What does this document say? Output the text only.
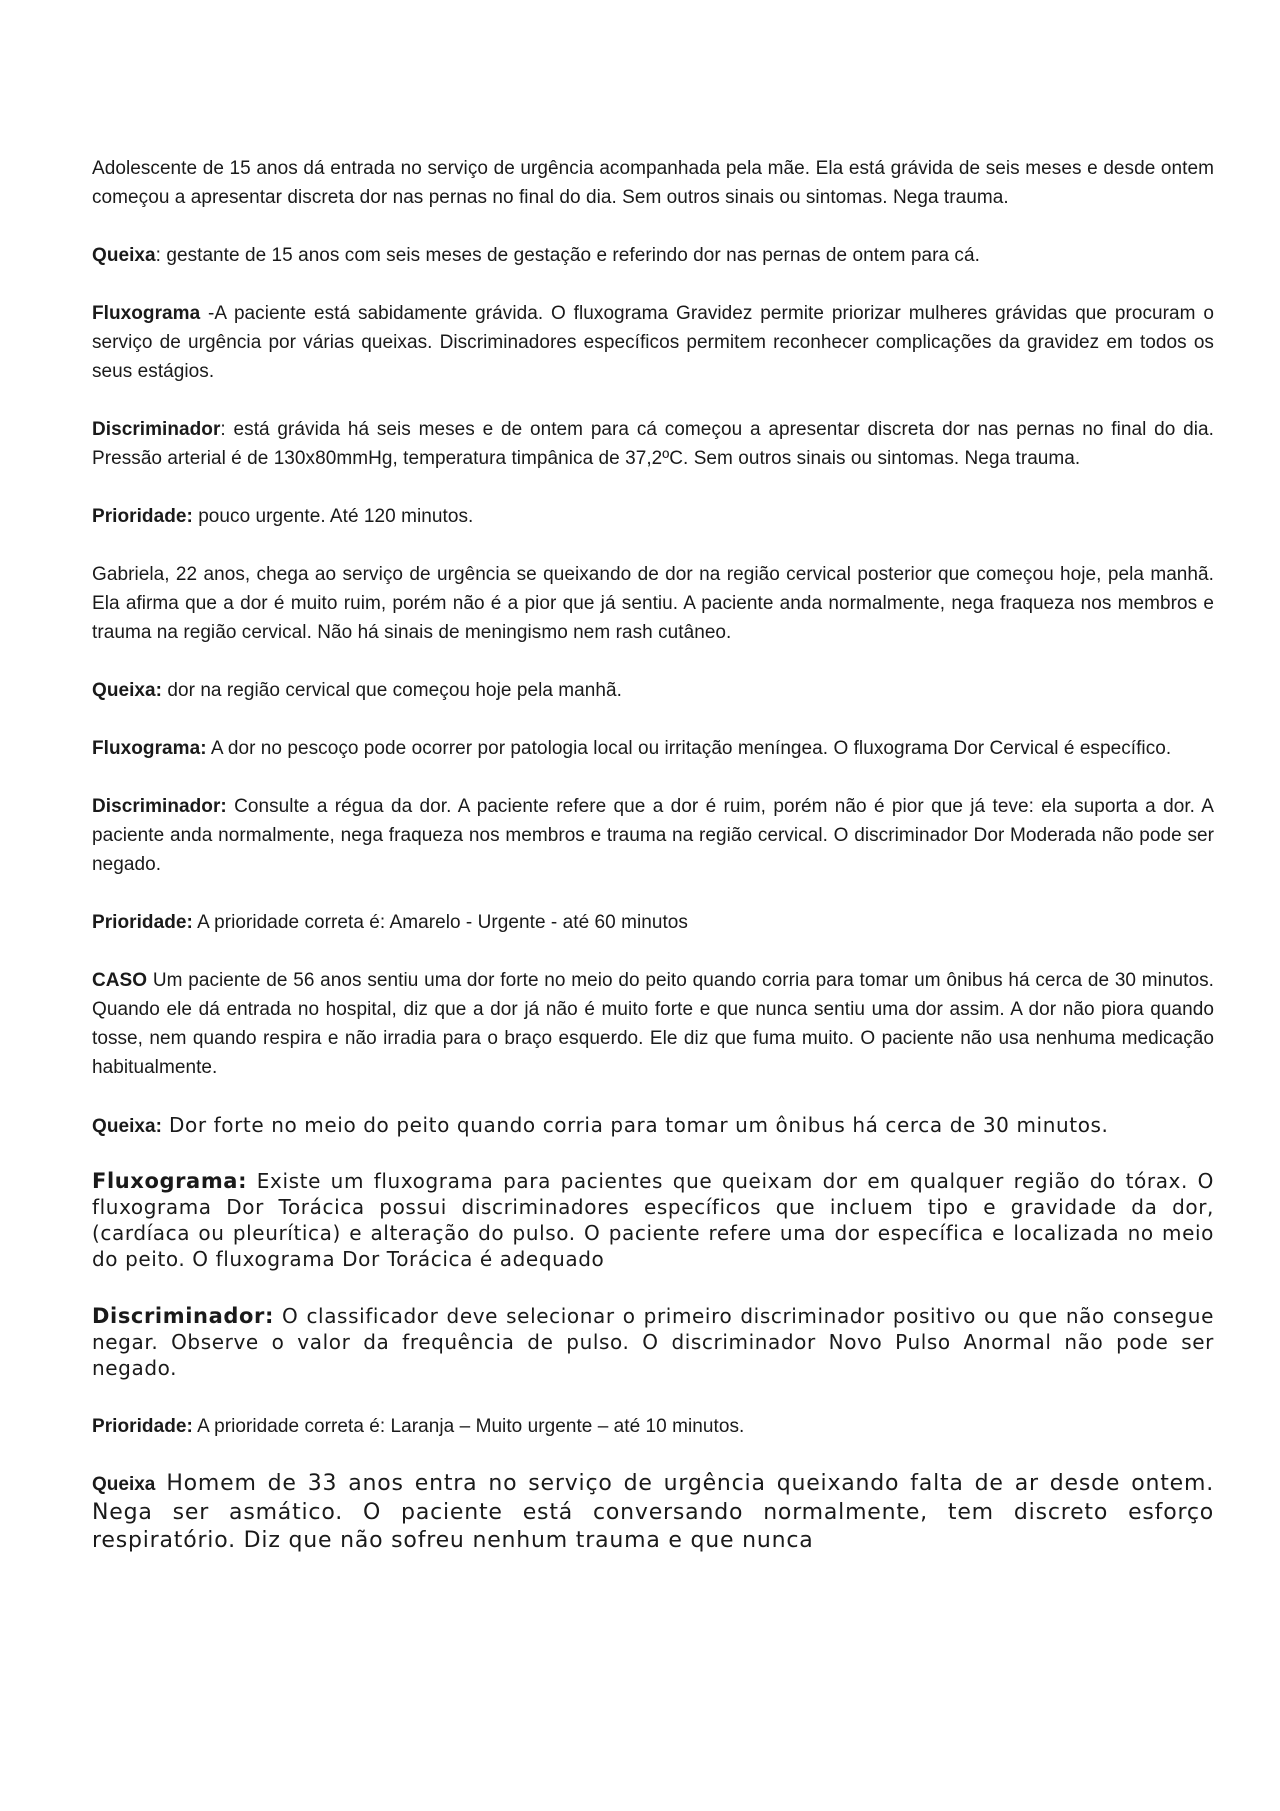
Adolescente de 15 anos dá entrada no serviço de urgência acompanhada pela mãe. Ela está grávida de seis meses e desde ontem começou a apresentar discreta dor nas pernas no final do dia. Sem outros sinais ou sintomas. Nega trauma.

Queixa: gestante de 15 anos com seis meses de gestação e referindo dor nas pernas de ontem para cá.

Fluxograma -A paciente está sabidamente grávida. O fluxograma Gravidez permite priorizar mulheres grávidas que procuram o serviço de urgência por várias queixas. Discriminadores específicos permitem reconhecer complicações da gravidez em todos os seus estágios.

Discriminador: está grávida há seis meses e de ontem para cá começou a apresentar discreta dor nas pernas no final do dia. Pressão arterial é de 130x80mmHg, temperatura timpânica de 37,2ºC. Sem outros sinais ou sintomas. Nega trauma.

Prioridade: pouco urgente. Até 120 minutos.

Gabriela, 22 anos, chega ao serviço de urgência se queixando de dor na região cervical posterior que começou hoje, pela manhã. Ela afirma que a dor é muito ruim, porém não é a pior que já sentiu. A paciente anda normalmente, nega fraqueza nos membros e trauma na região cervical. Não há sinais de meningismo nem rash cutâneo.

Queixa: dor na região cervical que começou hoje pela manhã.

Fluxograma: A dor no pescoço pode ocorrer por patologia local ou irritação meníngea. O fluxograma Dor Cervical é específico.

Discriminador: Consulte a régua da dor. A paciente refere que a dor é ruim, porém não é pior que já teve: ela suporta a dor. A paciente anda normalmente, nega fraqueza nos membros e trauma na região cervical. O discriminador Dor Moderada não pode ser negado.

Prioridade: A prioridade correta é: Amarelo - Urgente - até 60 minutos

CASO Um paciente de 56 anos sentiu uma dor forte no meio do peito quando corria para tomar um ônibus há cerca de 30 minutos. Quando ele dá entrada no hospital, diz que a dor já não é muito forte e que nunca sentiu uma dor assim. A dor não piora quando tosse, nem quando respira e não irradia para o braço esquerdo. Ele diz que fuma muito. O paciente não usa nenhuma medicação habitualmente.

Queixa: Dor forte no meio do peito quando corria para tomar um ônibus há cerca de 30 minutos.

Fluxograma: Existe um fluxograma para pacientes que queixam dor em qualquer região do tórax. O fluxograma Dor Torácica possui discriminadores específicos que incluem tipo e gravidade da dor, (cardíaca ou pleurítica) e alteração do pulso. O paciente refere uma dor específica e localizada no meio do peito. O fluxograma Dor Torácica é adequado

Discriminador: O classificador deve selecionar o primeiro discriminador positivo ou que não consegue negar. Observe o valor da frequência de pulso. O discriminador Novo Pulso Anormal não pode ser negado.

Prioridade: A prioridade correta é: Laranja – Muito urgente – até 10 minutos.

Queixa Homem de 33 anos entra no serviço de urgência queixando falta de ar desde ontem. Nega ser asmático. O paciente está conversando normalmente, tem discreto esforço respiratório. Diz que não sofreu nenhum trauma e que nunca
